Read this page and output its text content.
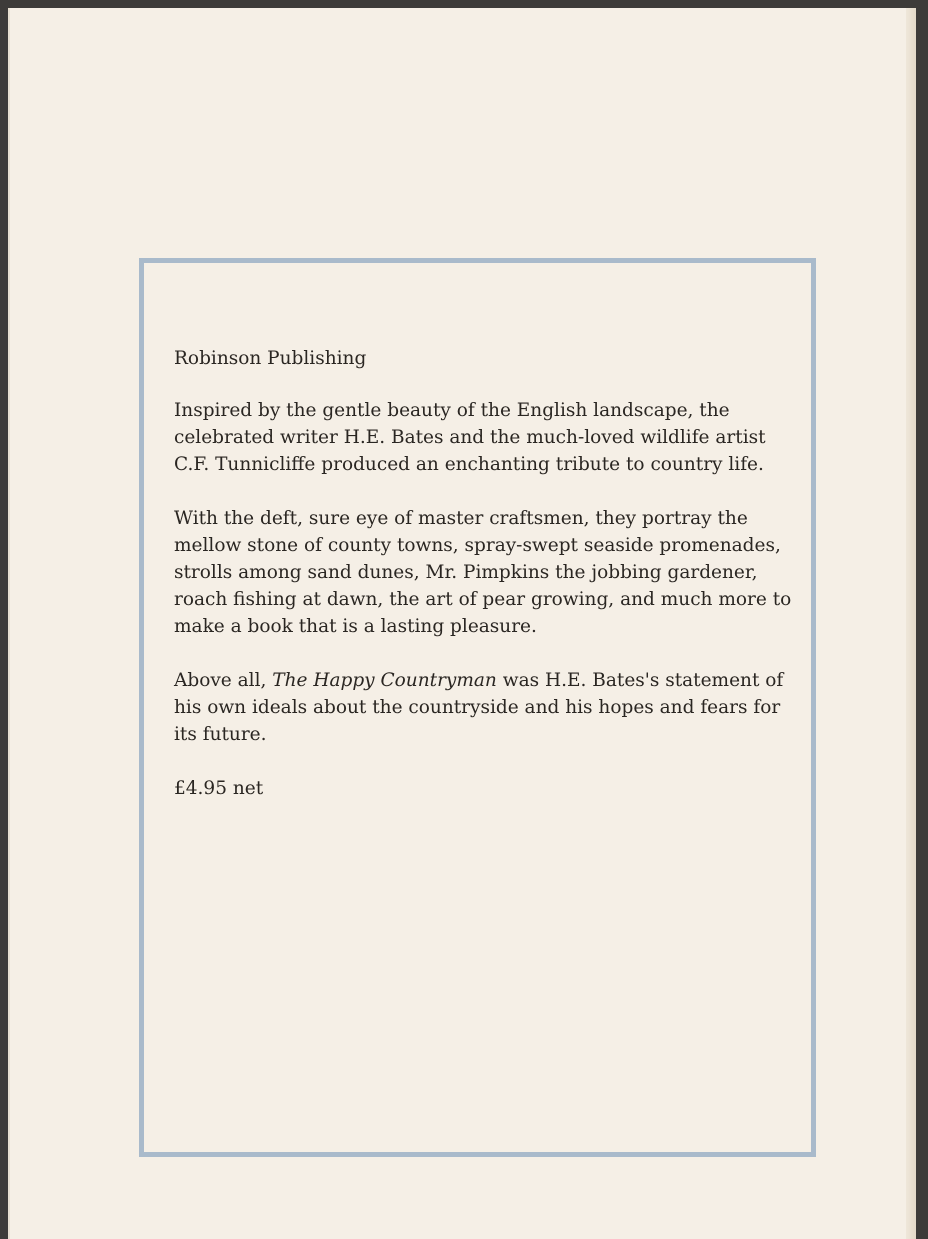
Robinson Publishing

Inspired by the gentle beauty of the English landscape, the celebrated writer H.E. Bates and the much-loved wildlife artist C.F. Tunnicliffe produced an enchanting tribute to country life.

With the deft, sure eye of master craftsmen, they portray the mellow stone of county towns, spray-swept seaside promenades, strolls among sand dunes, Mr. Pimpkins the jobbing gardener, roach fishing at dawn, the art of pear growing, and much more to make a book that is a lasting pleasure.

Above all, The Happy Countryman was H.E. Bates's statement of his own ideals about the countryside and his hopes and fears for its future.

£4.95 net
